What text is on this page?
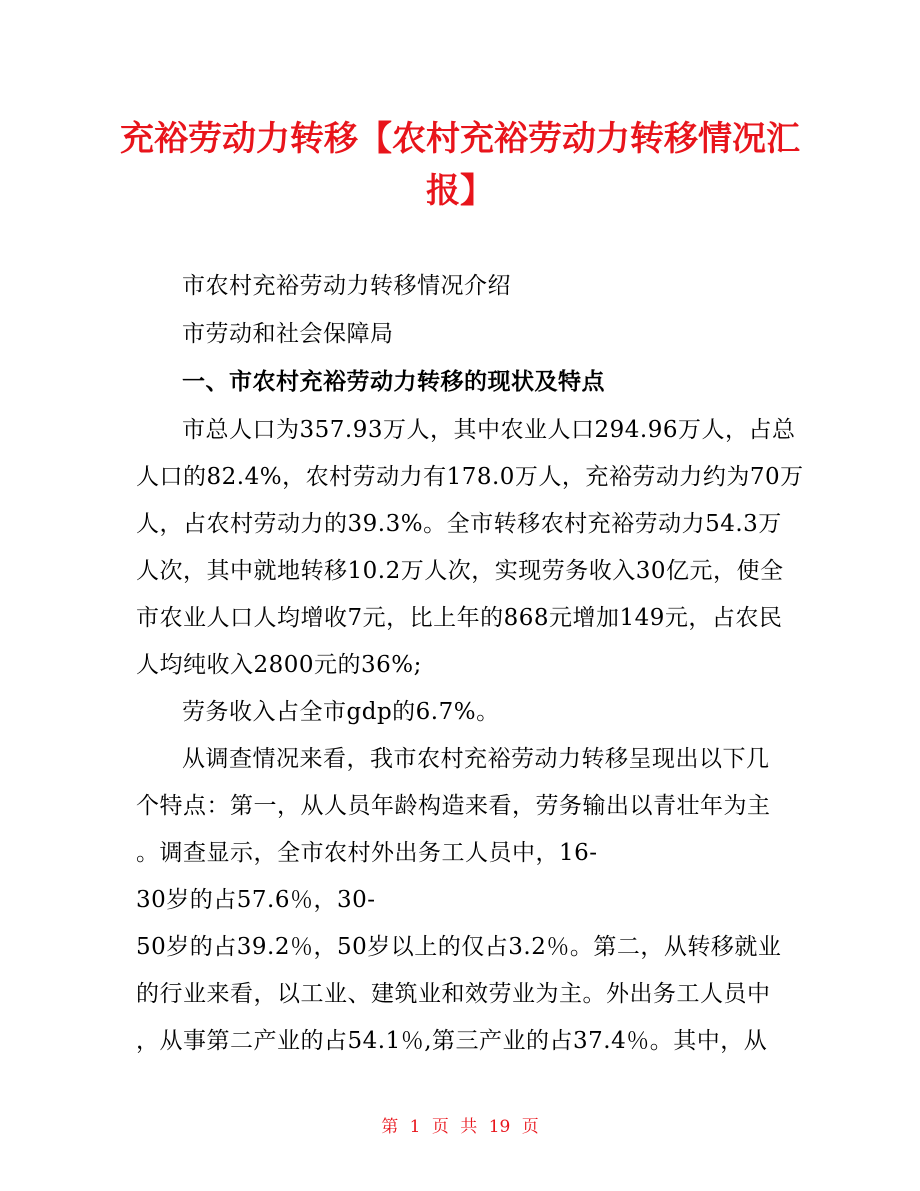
充裕劳动力转移【农村充裕劳动力转移情况汇
报】
市农村充裕劳动力转移情况介绍
市劳动和社会保障局
一、市农村充裕劳动力转移的现状及特点
市总人口为357.93万人，其中农业人口294.96万人，占总
人口的82.4%，农村劳动力有178.0万人，充裕劳动力约为70万
人，占农村劳动力的39.3%。全市转移农村充裕劳动力54.3万
人次，其中就地转移10.2万人次，实现劳务收入30亿元，使全
市农业人口人均增收7元，比上年的868元增加149元，占农民
人均纯收入2800元的36%;
劳务收入占全市gdp的6.7%。
从调查情况来看，我市农村充裕劳动力转移呈现出以下几
个特点：第一，从人员年龄构造来看，劳务输出以青壮年为主
。调查显示，全市农村外出务工人员中，16-
30岁的占57.6％，30-
50岁的占39.2％，50岁以上的仅占3.2％。第二，从转移就业
的行业来看，以工业、建筑业和效劳业为主。外出务工人员中
，从事第二产业的占54.1％,第三产业的占37.4％。其中，从
第 1 页 共 19 页
